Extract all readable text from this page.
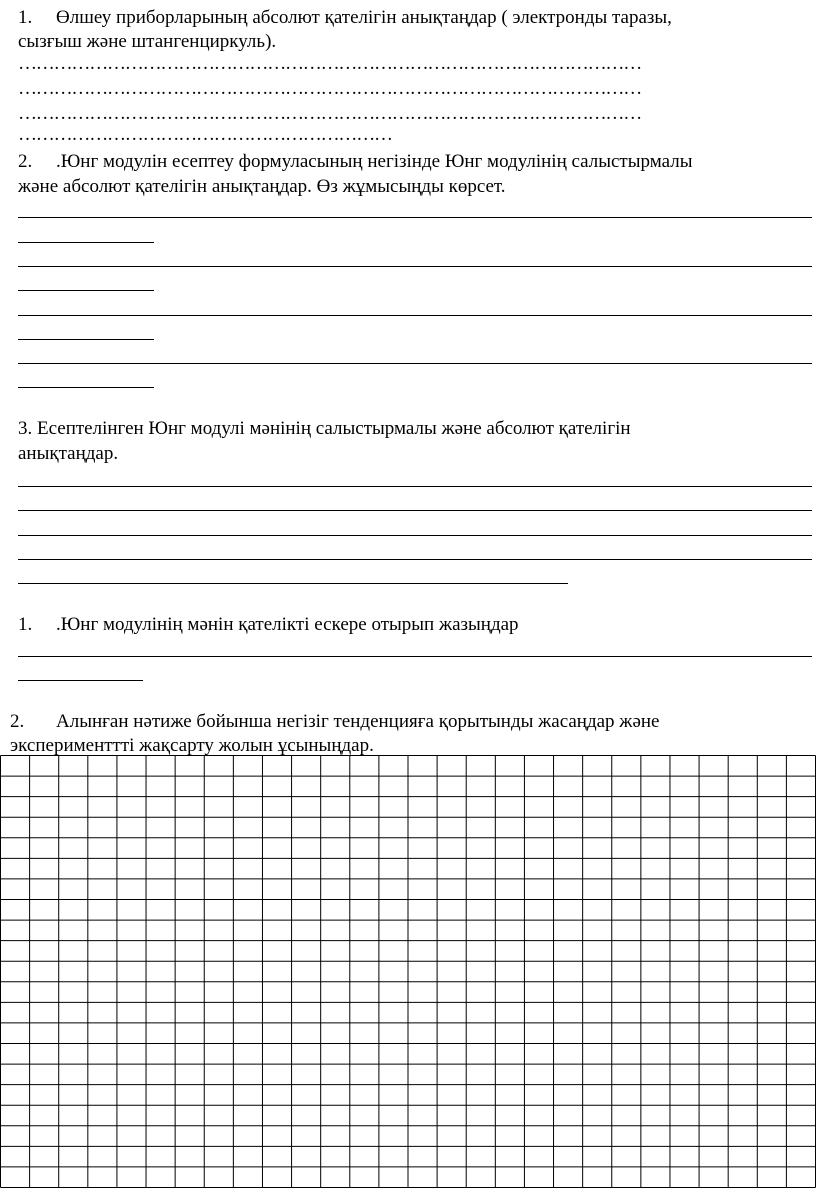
1. Өлшеу приборларының абсолют қателігін анықтаңдар ( электронды таразы,
сызғыш және штангенциркуль).
……………………………………………………………………………………………
……………………………………………………………………………………………
……………………………………………………………………………………………
………………………………………………………
2. .Юнг модулін есептеу формуласының негізінде Юнг модулінің салыстырмалы
және абсолют қателігін анықтаңдар. Өз жұмысыңды көрсет.
3. Есептелінген Юнг модулі мәнінің салыстырмалы және абсолют қателігін
анықтаңдар.
1. .Юнг модулінің мәнін қателікті ескере отырып жазыңдар
2. Алынған нәтиже бойынша негізіг тенденцияға қорытынды жасаңдар және
эксперименттті жақсарту жолын ұсыныңдар.
